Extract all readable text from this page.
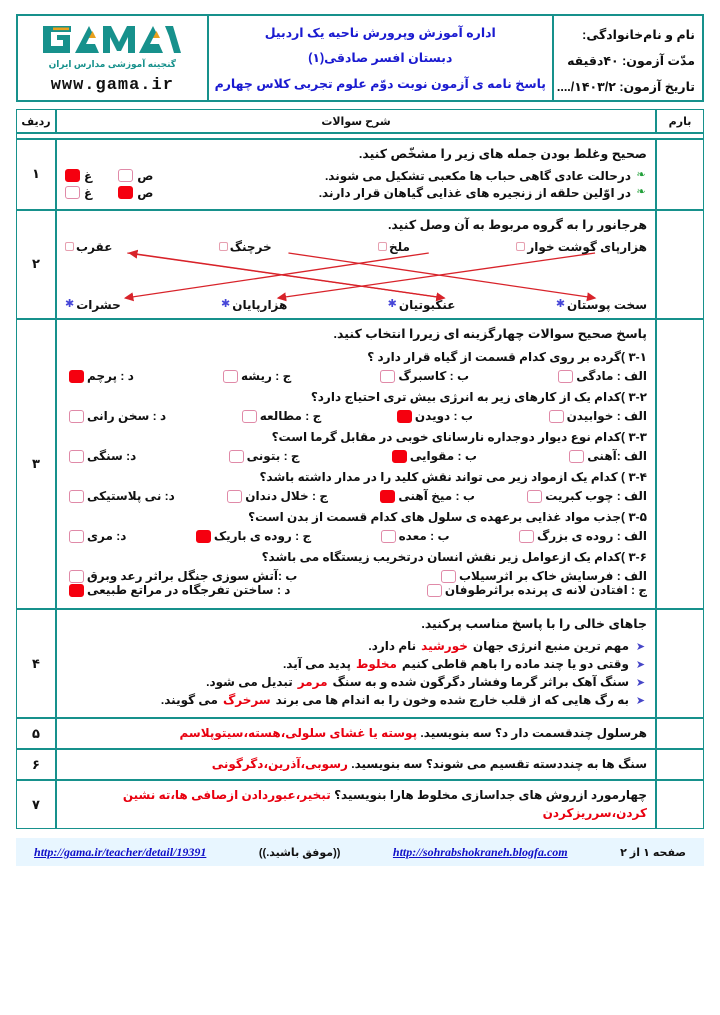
نام و نام‌خانوادگی:
مدّت آزمون: ۴۰دقیقه
تاریخ آزمون: ۱۴۰۳/۲/....
اداره آموزش وپرورش ناحیه یک اردبیل
دبستان افسر صادقی(۱)
پاسخ نامه ی آزمون نوبت دوّم علوم تجربی کلاس چهارم
گنجینه آموزشی مدارس ایران
www.gama.ir
بارم	شرح سوالات	ردیف

صحیح وغلط بودن جمله های زیر را مشخّص کنید.
❧
درحالت عادی گاهی حباب ها مکعبی تشکیل می شوند.
ص
غ
❧
در اوّلین حلقه از زنجیره های غذایی گیاهان قرار دارند.
ص
غ
	۱

هرجانور را به گروه مربوط به آن وصل کنید.
هزارپای گوشت خوار
ملخ
خرچنگ
عقرب
سخت پوستان
✱
عنکبوتیان
✱
هزارپایان
✱
حشرات
✱
	۲

پاسخ صحیح سوالات چهارگزینه ای زیررا انتخاب کنید.
۳-۱ )گرده بر روی کدام قسمت از گیاه قرار دارد ؟
الف : مادگی
ب : کاسبرگ
ج : ریشه
د : پرچم
۳-۲ )کدام یک از کارهای زیر به انرژی بیش تری احتیاج دارد؟
الف : خوابیدن
ب : دویدن
ج : مطالعه
د : سخن رانی
۳-۳ )کدام نوع دیوار دوجداره نارسانای خوبی در مقابل گرما است؟
الف :آهنی
ب : مقوایی
ج : بتونی
د: سنگی
۳-۴ ) کدام یک ازمواد زیر می تواند نقش کلید را در مدار داشته باشد؟
الف : چوب کبریت
ب : میخ آهنی
ج : خلال دندان
د: نی پلاستیکی
۳-۵ )جذب مواد غذایی برعهده ی سلول های کدام قسمت از بدن است؟
الف : روده ی بزرگ
ب : معده
ج : روده ی باریک
د: مری
۳-۶ )کدام یک ازعوامل زیر نقش انسان درتخریب زیستگاه می باشد؟
الف : فرسایش خاک بر اثرسیلاب
ب :آتش سوزی جنگل براثر رعد وبرق
ج : افتادن لانه ی پرنده براثرطوفان
د : ساختن تفرجگاه در مراتع طبیعی
	۳

جاهای خالی را با پاسخ مناسب پرکنید.
➤
مهم ترین منبع انرژی جهان
خورشید
نام دارد.
➤
وقتی دو یا چند ماده را باهم قاطی کنیم
مخلوط
پدید می آید.
➤
سنگ آهک براثر گرما وفشار دگرگون شده و به سنگ
مرمر
تبدیل می شود.
➤
به رگ هایی که از قلب خارج شده وخون را به اندام ها می برند
سرخرگ
می گویند.
	۴

	هرسلول چندقسمت دار د؟ سه بنویسید. پوسته یا غشای سلولی،هسته،سیتوپلاسم	۵

	سنگ ها به چنددسته تقسیم می شوند؟ سه بنویسید. رسوبی،آذرین،دگرگونی	۶

	چهارمورد ازروش های جداسازی مخلوط هارا بنویسید؟ تبخیر،عبوردادن ازصافی ها،ته نشین کردن،سرریزکردن	۷
صفحه ۱ از ۲
http://sohrabshokraneh.blogfa.com
((موفق باشید.))
http://gama.ir/teacher/detail/19391
